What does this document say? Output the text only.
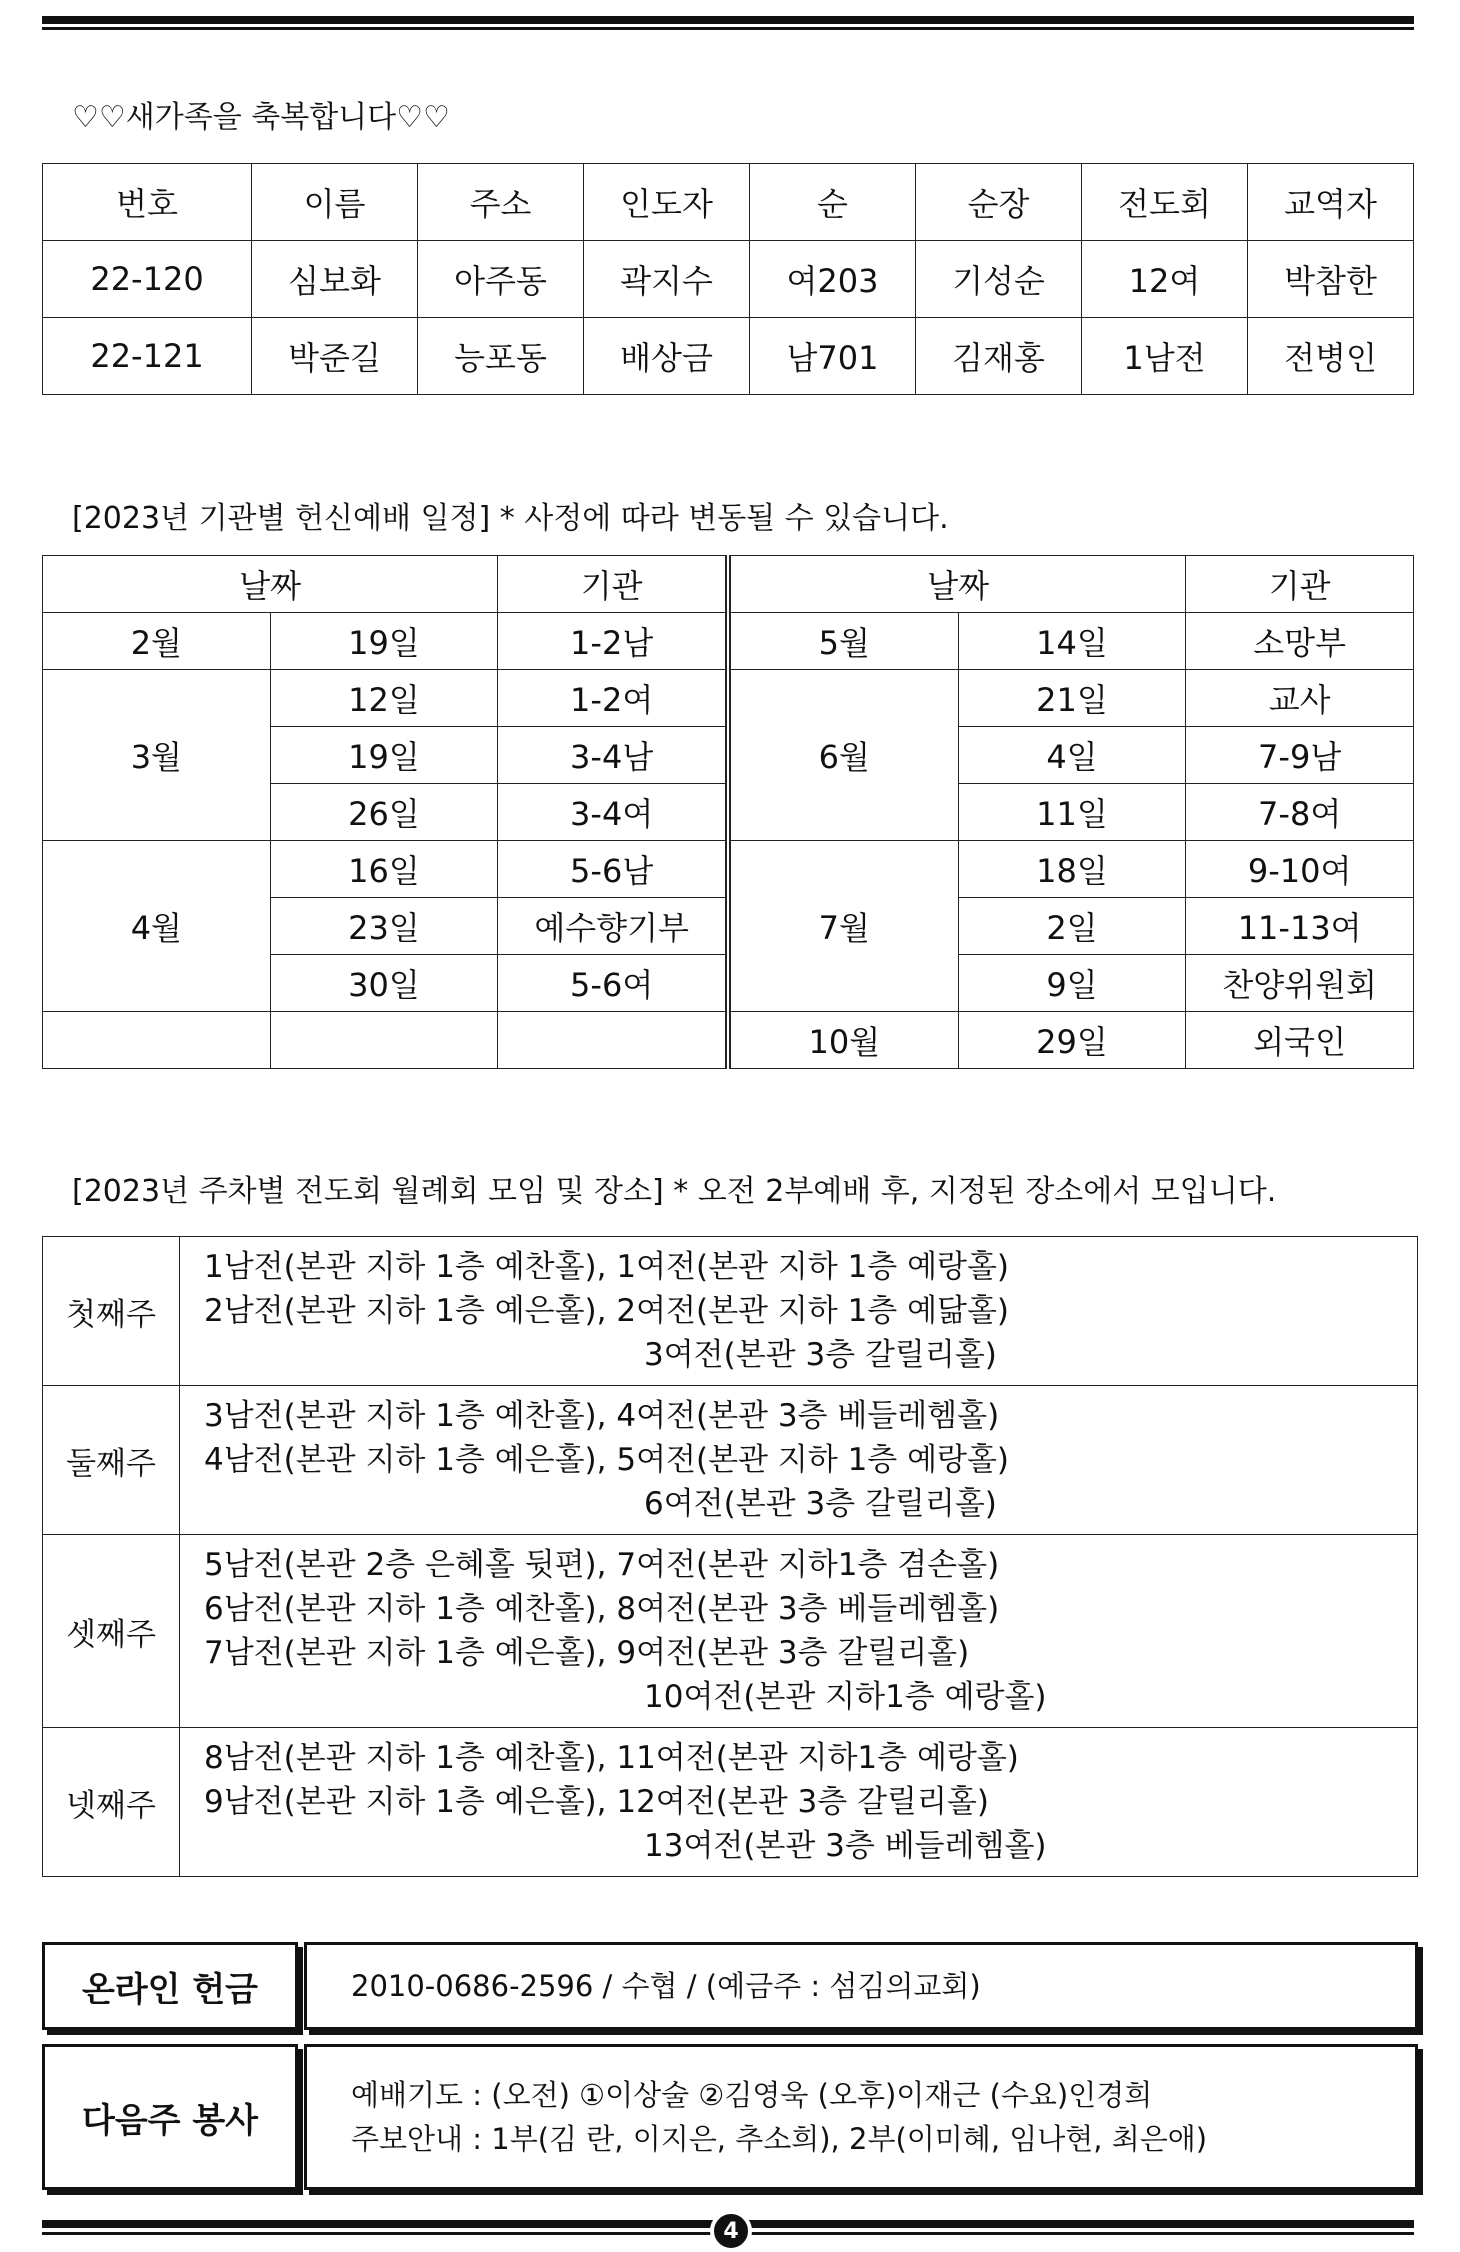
♡♡새가족을 축복합니다♡♡
번호	이름	주소	인도자	순	순장	전도회	교역자
22-120	심보화	아주동	곽지수	여203	기성순	12여	박참한
22-121	박준길	능포동	배상금	남701	김재홍	1남전	전병인
[2023년 기관별 헌신예배 일정] * 사정에 따라 변동될 수 있습니다.
날짜		기관	날짜		기관
2월	19일	1-2남	5월	14일	소망부
3월	12일	1-2여	6월	21일	교사
	19일	3-4남		4일	7-9남
	26일	3-4여		11일	7-8여
4월	16일	5-6남	7월	18일	9-10여
	23일	예수향기부		2일	11-13여
	30일	5-6여		9일	찬양위원회
			10월	29일	외국인
[2023년 주차별 전도회 월례회 모임 및 장소] * 오전 2부예배 후, 지정된 장소에서 모입니다.
첫째주	1남전(본관 지하 1층 예찬홀), 1여전(본관 지하 1층 예랑홀)
2남전(본관 지하 1층 예은홀), 2여전(본관 지하 1층 예닮홀)
3여전(본관 3층 갈릴리홀)

둘째주	3남전(본관 지하 1층 예찬홀), 4여전(본관 3층 베들레헴홀)
4남전(본관 지하 1층 예은홀), 5여전(본관 지하 1층 예랑홀)
6여전(본관 3층 갈릴리홀)

셋째주	5남전(본관 2층 은혜홀 뒷편), 7여전(본관 지하1층 겸손홀)
6남전(본관 지하 1층 예찬홀), 8여전(본관 3층 베들레헴홀)
7남전(본관 지하 1층 예은홀), 9여전(본관 3층 갈릴리홀)
10여전(본관 지하1층 예랑홀)

넷째주	8남전(본관 지하 1층 예찬홀), 11여전(본관 지하1층 예랑홀)
9남전(본관 지하 1층 예은홀), 12여전(본관 3층 갈릴리홀)
13여전(본관 3층 베들레헴홀)
온라인 헌금	2010-0686-2596 / 수협 / (예금주 : 섬김의교회)
다음주 봉사
예배기도 : (오전) ①이상술 ②김영욱 (오후)이재근 (수요)인경희
주보안내 : 1부(김 란, 이지은, 추소희), 2부(이미혜, 임나현, 최은애)
4
